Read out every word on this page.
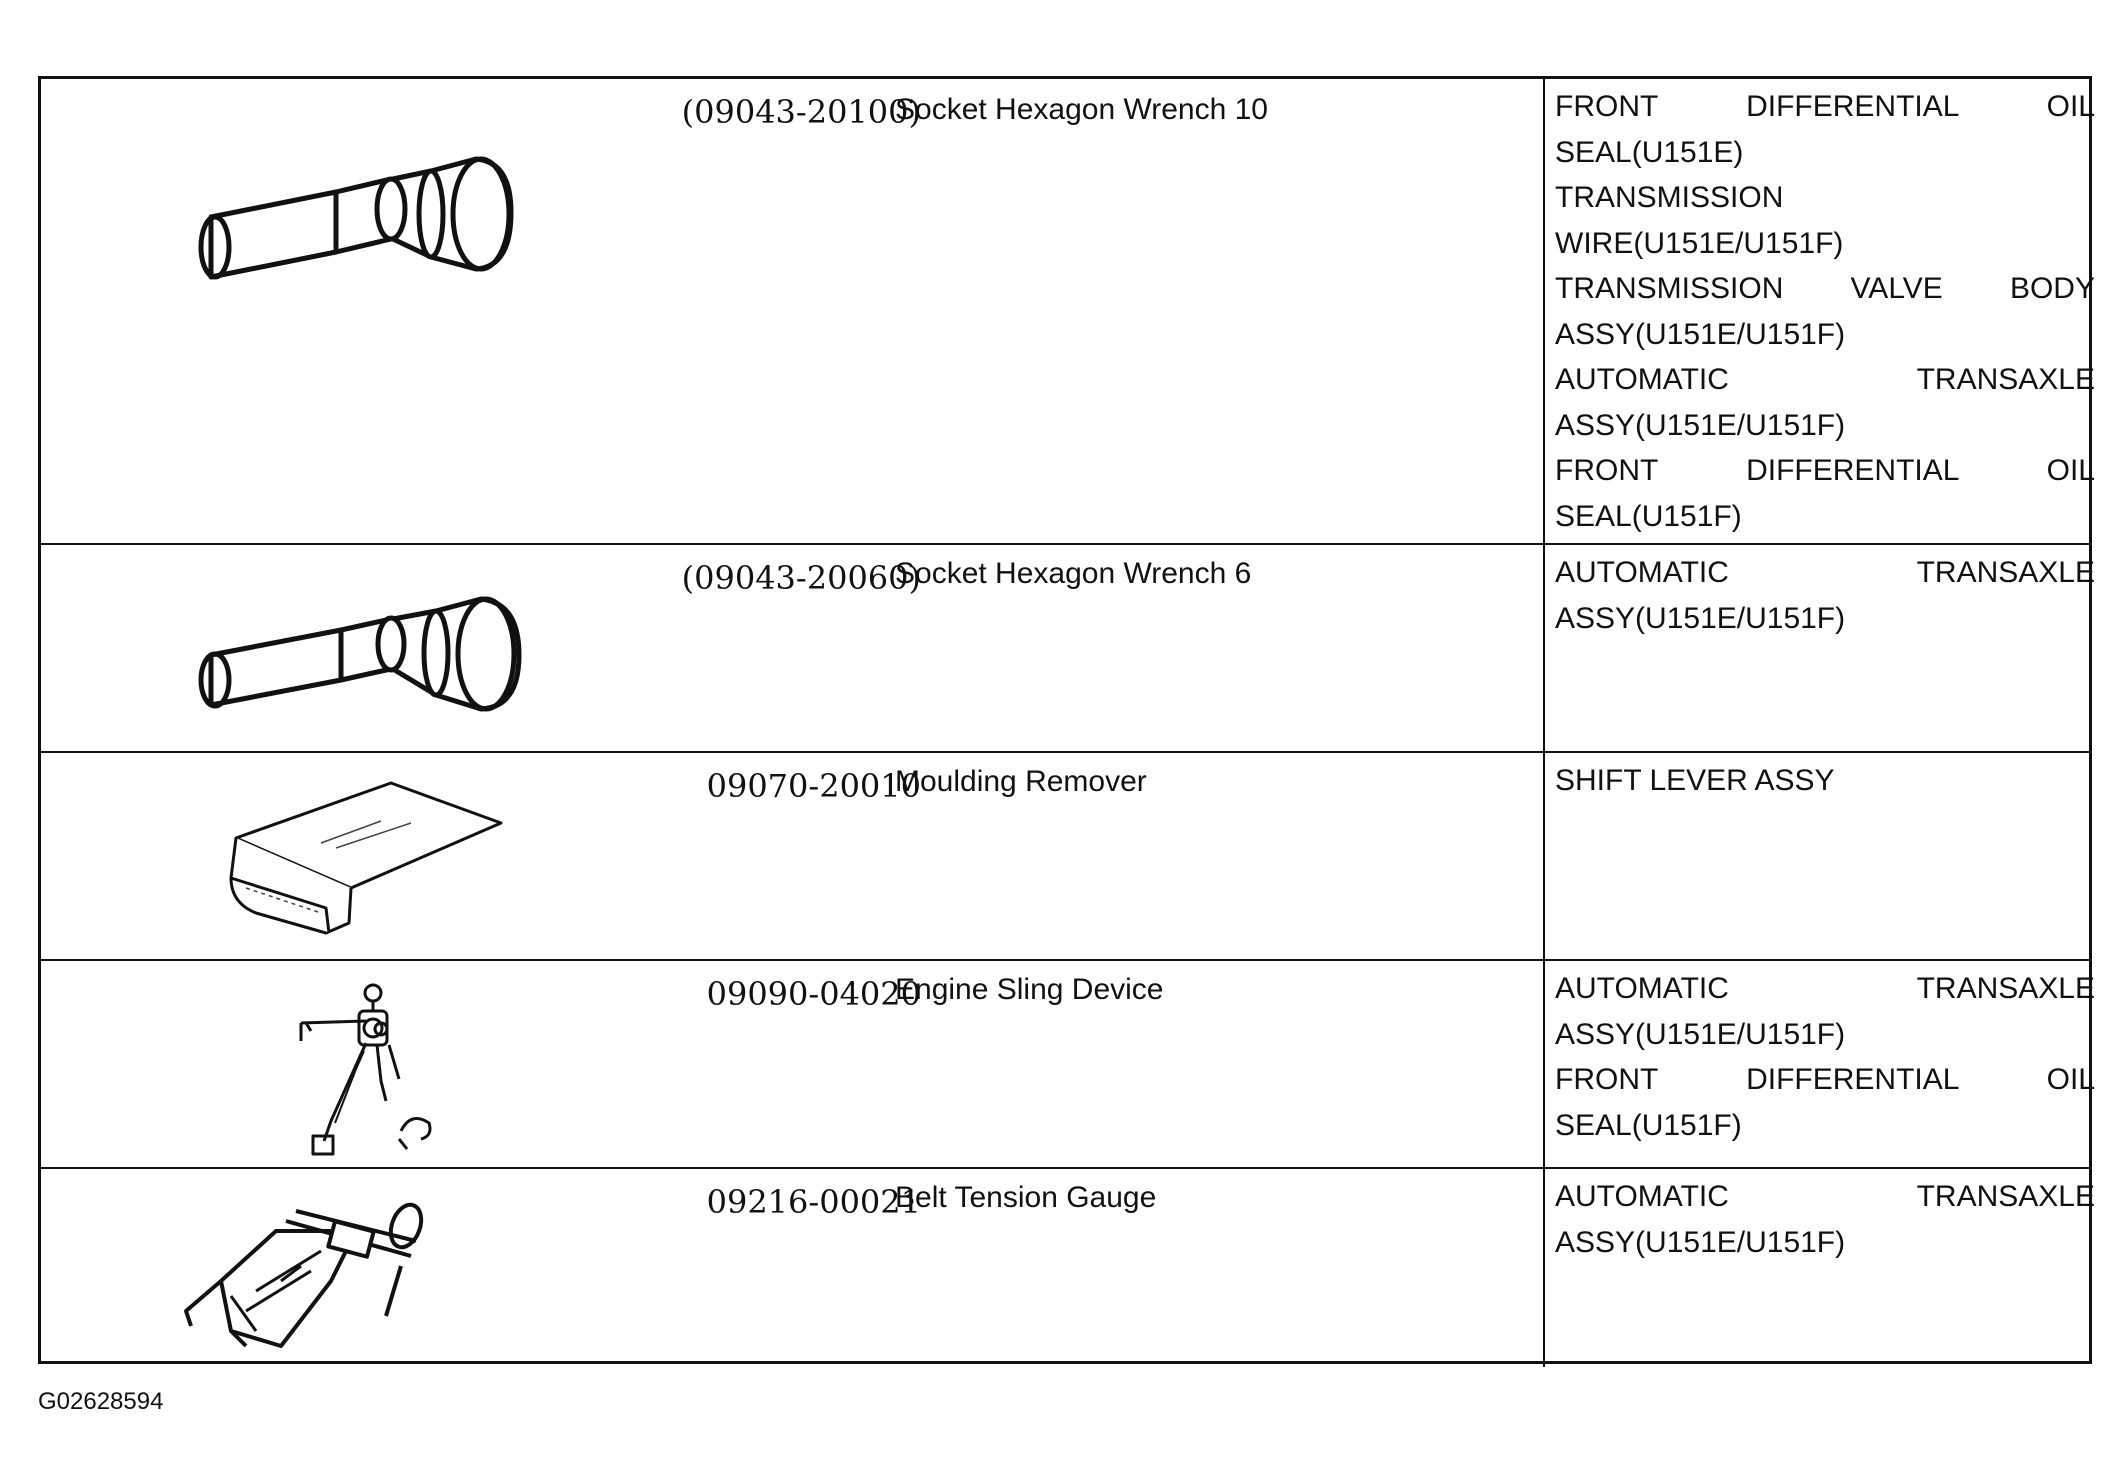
(09043-20100)
Socket Hexagon Wrench 10	FRONT DIFFERENTIAL OIL
SEAL(U151E)
TRANSMISSION
WIRE(U151E/U151F)
TRANSMISSION VALVE BODY
ASSY(U151E/U151F)
AUTOMATIC TRANSAXLE
ASSY(U151E/U151F)
FRONT DIFFERENTIAL OIL
SEAL(U151F)
(09043-20060)
Socket Hexagon Wrench 6	AUTOMATIC TRANSAXLE
ASSY(U151E/U151F)
09070-20010
Moulding Remover	SHIFT LEVER ASSY
09090-04020
Engine Sling Device	AUTOMATIC TRANSAXLE
ASSY(U151E/U151F)
FRONT DIFFERENTIAL OIL
SEAL(U151F)
09216-00021
Belt Tension Gauge	AUTOMATIC TRANSAXLE
ASSY(U151E/U151F)
G02628594
